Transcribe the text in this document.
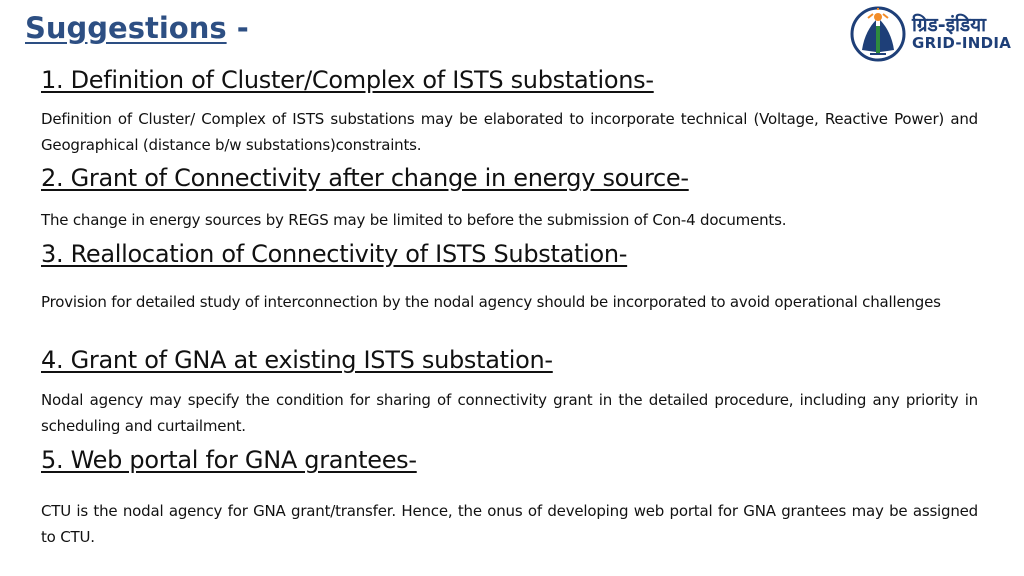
Suggestions -	ग्रिड-इंडिया
GRID-INDIA
1. Definition of Cluster/Complex of ISTS substations-

Definition of Cluster/ Complex of ISTS substations may be elaborated to incorporate technical (Voltage, Reactive Power) and Geographical (distance b/w substations)constraints.

2. Grant of Connectivity after change in energy source-

The change in energy sources by REGS may be limited to before the submission of Con-4 documents.

3. Reallocation of Connectivity of ISTS Substation-

Provision for detailed study of interconnection by the nodal agency should be incorporated to avoid operational challenges

4. Grant of GNA at existing ISTS substation-

Nodal agency may specify the condition for sharing of connectivity grant in the detailed procedure, including any priority in scheduling and curtailment.

5. Web portal for GNA grantees-

CTU is the nodal agency for GNA grant/transfer. Hence, the onus of developing web portal for GNA grantees may be assigned to CTU.
